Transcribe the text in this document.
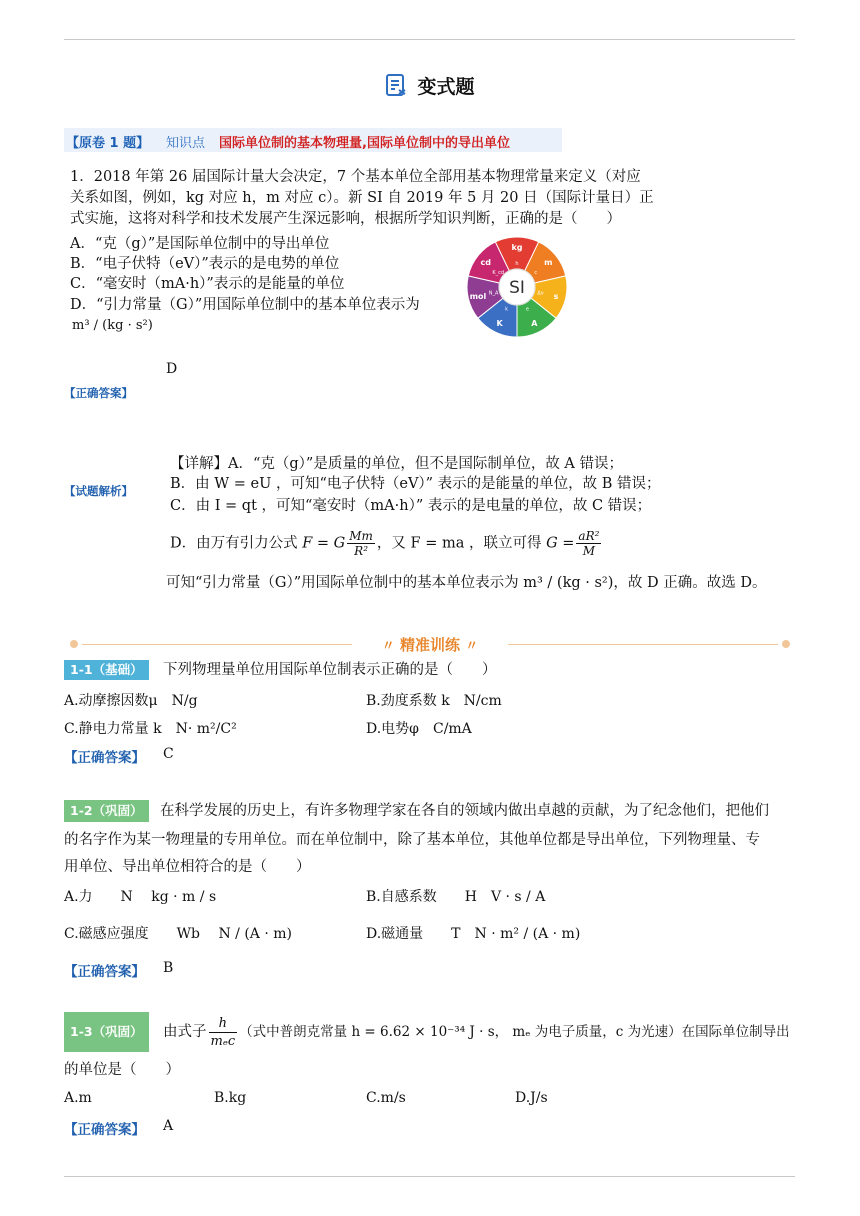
变式题
【原卷 1 题】 知识点 国际单位制的基本物理量,国际单位制中的导出单位
1．2018 年第 26 届国际计量大会决定，7 个基本单位全部用基本物理常量来定义（对应
关系如图，例如，kg 对应 h，m 对应 c）。新 SI 自 2019 年 5 月 20 日（国际计量日）正
式实施，这将对科学和技术发展产生深远影响，根据所学知识判断，正确的是（　　）
A．“克（g）”是国际单位制中的导出单位
B．“电子伏特（eV）”表示的是电势的单位
C．“毫安时（mA·h）”表示的是能量的单位
D．“引力常量（G）”用国际单位制中的基本单位表示为
m³ / (kg · s²)
kg
h	m
c
s
Δν
A
e
K
k
mol N_A
cd
K_cd
SI
D
【正确答案】
【详解】A．“克（g）”是质量的单位，但不是国际制单位，故 A 错误；
【试题解析】	B．由 W = eU ，可知“电子伏特（eV）” 表示的是能量的单位，故 B 错误；
C．由 I = qt ，可知“毫安时（mA·h）” 表示的是电量的单位，故 C 错误；
D．由万有引力公式 F = G $\frac{Mm}{\text{R²}}$ ，又 F = ma ，联立可得 $G = \frac{\text{aR²}}{M}$
可知“引力常量（G）”用国际单位制中的基本单位表示为 m³ / (kg · s²)，故 D 正确。故选 D。
〃 精准训练 〃
1-1（基础）	下列物理量单位用国际单位制表示正确的是（　　）
A.动摩擦因数μ　N/g	B.劲度系数 k　N/cm
C.静电力常量 k　N· m²/C²	D.电势φ　C/mA
【正确答案】 C
1-2（巩固）	在科学发展的历史上，有许多物理学家在各自的领域内做出卓越的贡献，为了纪念他们，把他们
的名字作为某一物理量的专用单位。而在单位制中，除了基本单位，其他单位都是导出单位，下列物理量、专
用单位、导出单位相符合的是（　　）
A.力　　N　 kg · m / s	B.自感系数　　H　V · s / A
C.磁感应强度　　Wb　 N / (A · m)	D.磁通量　　T　N · m² / (A · m)
【正确答案】 B
1-3（巩固）	由式子 $\frac{h}{\text{mₑc}}$ （式中普朗克常量 h = 6.62 × 10⁻³⁴ J · s， mₑ 为电子质量，c 为光速）在国际单位制导出
的单位是（　　）
A.m	B.kg	C.m/s	D.J/s
【正确答案】 A
